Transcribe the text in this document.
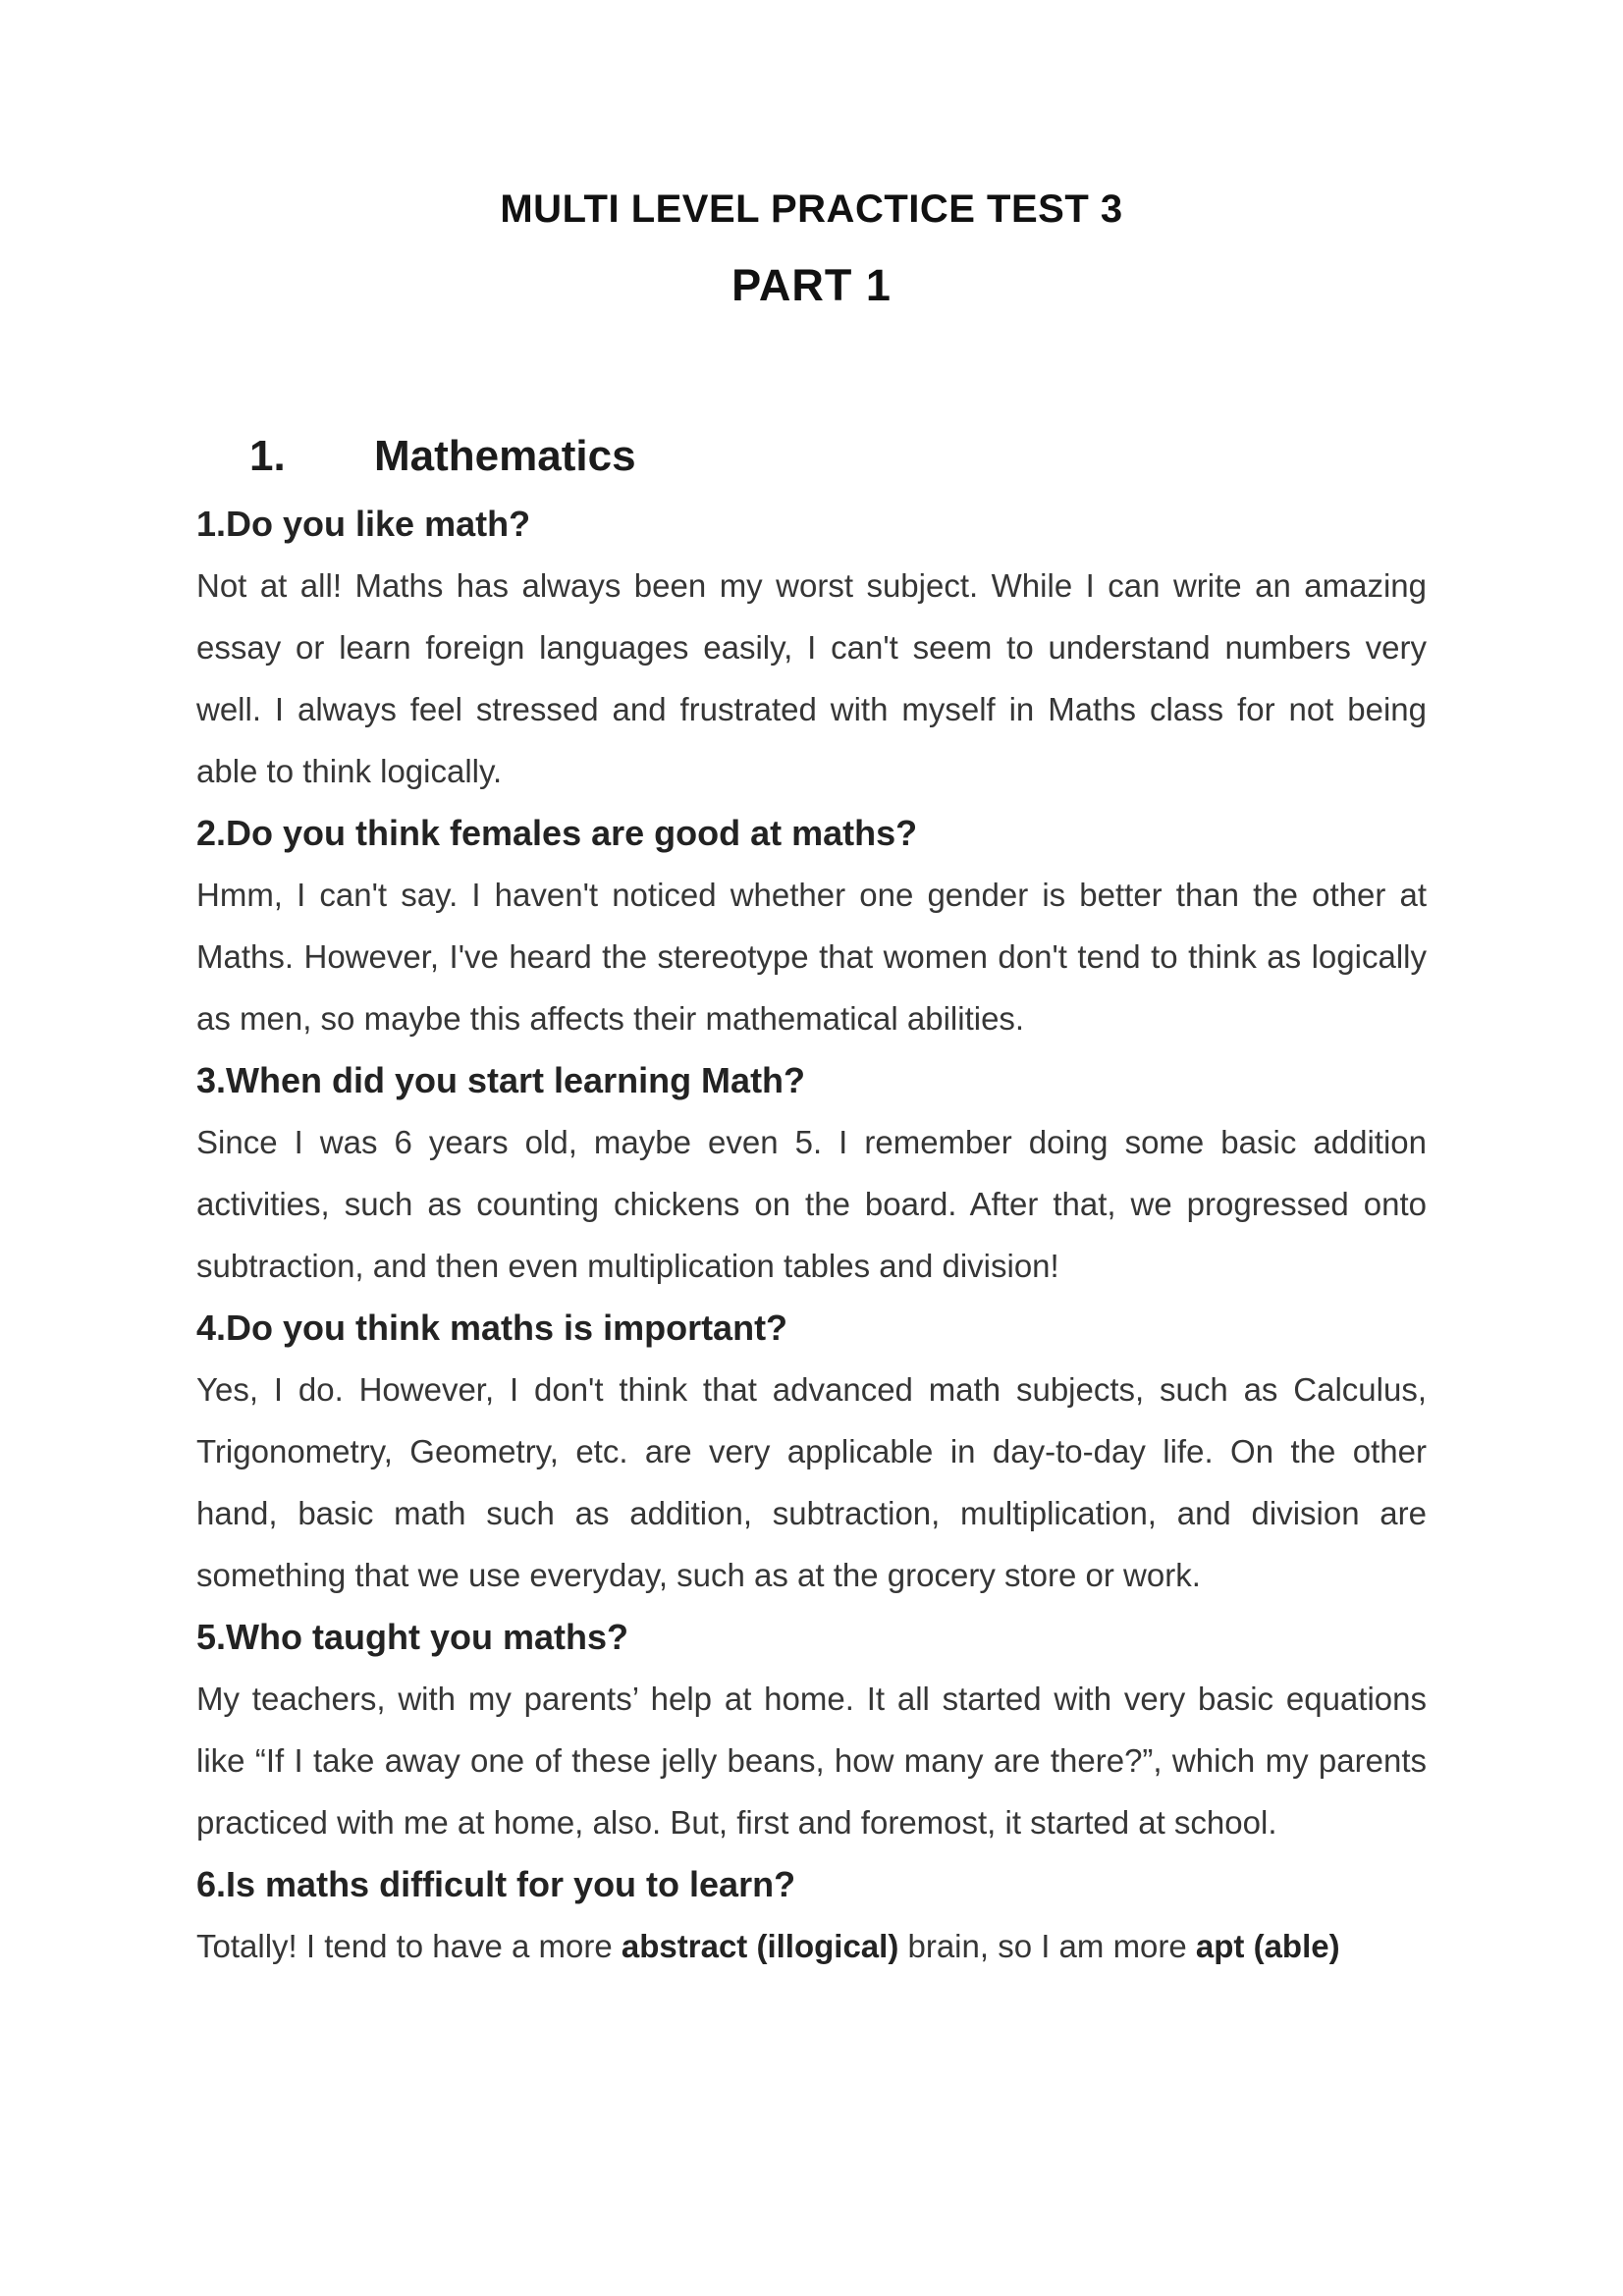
MULTI LEVEL PRACTICE TEST 3
PART 1
1. Mathematics
1.Do you like math?

Not at all! Maths has always been my worst subject. While I can write an amazing essay or learn foreign languages easily, I can't seem to understand numbers very well. I always feel stressed and frustrated with myself in Maths class for not being able to think logically.

2.Do you think females are good at maths?

Hmm, I can't say. I haven't noticed whether one gender is better than the other at Maths. However, I've heard the stereotype that women don't tend to think as logically as men, so maybe this affects their mathematical abilities.

3.When did you start learning Math?

Since I was 6 years old, maybe even 5. I remember doing some basic addition activities, such as counting chickens on the board. After that, we progressed onto subtraction, and then even multiplication tables and division!

4.Do you think maths is important?

Yes, I do. However, I don't think that advanced math subjects, such as Calculus, Trigonometry, Geometry, etc. are very applicable in day-to-day life. On the other hand, basic math such as addition, subtraction, multiplication, and division are something that we use everyday, such as at the grocery store or work.

5.Who taught you maths?

My teachers, with my parents’ help at home. It all started with very basic equations like “If I take away one of these jelly beans, how many are there?”, which my parents practiced with me at home, also. But, first and foremost, it started at school.

6.Is maths difficult for you to learn?

Totally! I tend to have a more abstract (illogical) brain, so I am more apt (able)
